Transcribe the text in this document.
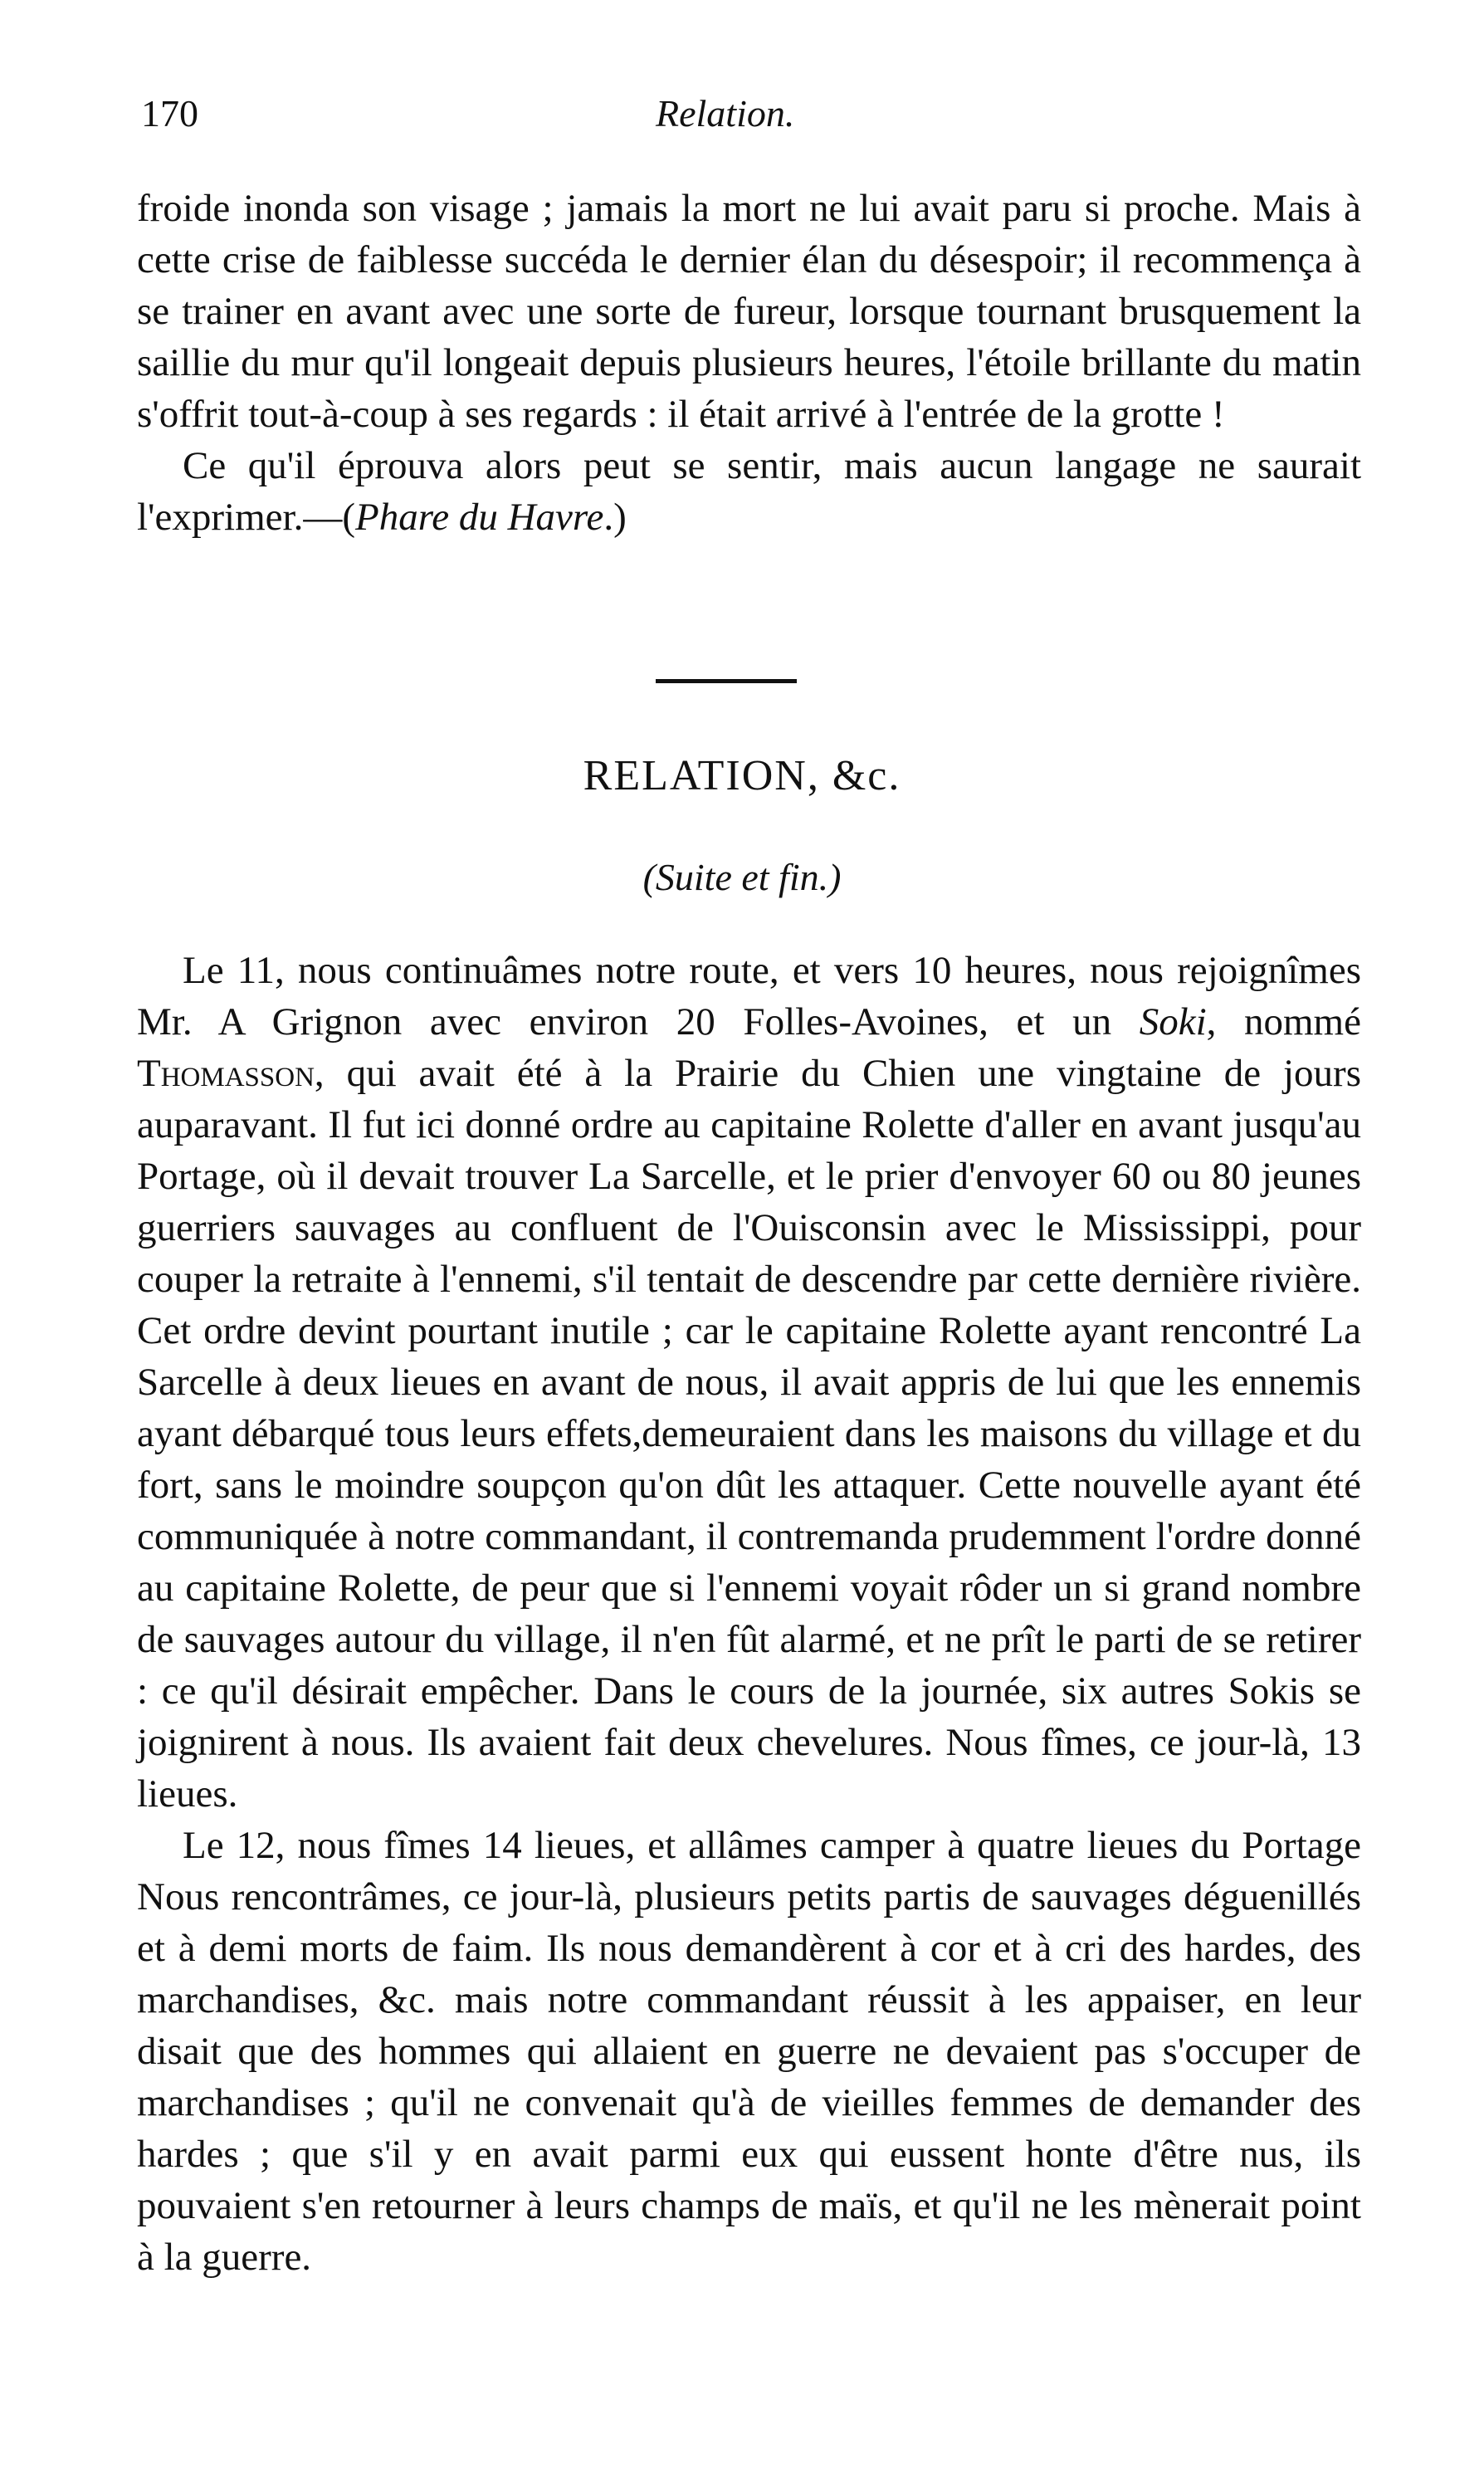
170	Relation.

froide inonda son visage ; jamais la mort ne lui avait paru si proche. Mais à cette crise de faiblesse succéda le dernier élan du désespoir; il recommença à se trainer en avant avec une sorte de fureur, lorsque tournant brusquement la saillie du mur qu'il longeait depuis plusieurs heures, l'étoile brillante du matin s'offrit tout-à-coup à ses regards : il était arrivé à l'entrée de la grotte !

Ce qu'il éprouva alors peut se sentir, mais aucun langage ne saurait l'exprimer.—(Phare du Havre.)

RELATION, &c.
(Suite et fin.)

Le 11, nous continuâmes notre route, et vers 10 heures, nous rejoignîmes Mr. A Grignon avec environ 20 Folles-Avoines, et un Soki, nommé Thomasson, qui avait été à la Prairie du Chien une vingtaine de jours auparavant. Il fut ici donné ordre au capitaine Rolette d'aller en avant jusqu'au Portage, où il devait trouver La Sarcelle, et le prier d'envoyer 60 ou 80 jeunes guerriers sauvages au confluent de l'Ouisconsin avec le Mississippi, pour couper la retraite à l'ennemi, s'il tentait de descendre par cette dernière rivière. Cet ordre devint pourtant inutile ; car le capitaine Rolette ayant rencontré La Sarcelle à deux lieues en avant de nous, il avait appris de lui que les ennemis ayant débarqué tous leurs effets,demeuraient dans les maisons du village et du fort, sans le moindre soupçon qu'on dût les attaquer. Cette nouvelle ayant été communiquée à notre commandant, il contremanda prudemment l'ordre donné au capitaine Rolette, de peur que si l'ennemi voyait rôder un si grand nombre de sauvages autour du village, il n'en fût alarmé, et ne prît le parti de se retirer : ce qu'il désirait empêcher. Dans le cours de la journée, six autres Sokis se joignirent à nous. Ils avaient fait deux chevelures. Nous fîmes, ce jour-là, 13 lieues.

Le 12, nous fîmes 14 lieues, et allâmes camper à quatre lieues du Portage Nous rencontrâmes, ce jour-là, plusieurs petits partis de sauvages déguenillés et à demi morts de faim. Ils nous demandèrent à cor et à cri des hardes, des marchandises, &c. mais notre commandant réussit à les appaiser, en leur disait que des hommes qui allaient en guerre ne devaient pas s'occuper de marchandises ; qu'il ne convenait qu'à de vieilles femmes de demander des hardes ; que s'il y en avait parmi eux qui eussent honte d'être nus, ils pouvaient s'en retourner à leurs champs de maïs, et qu'il ne les mènerait point à la guerre.
